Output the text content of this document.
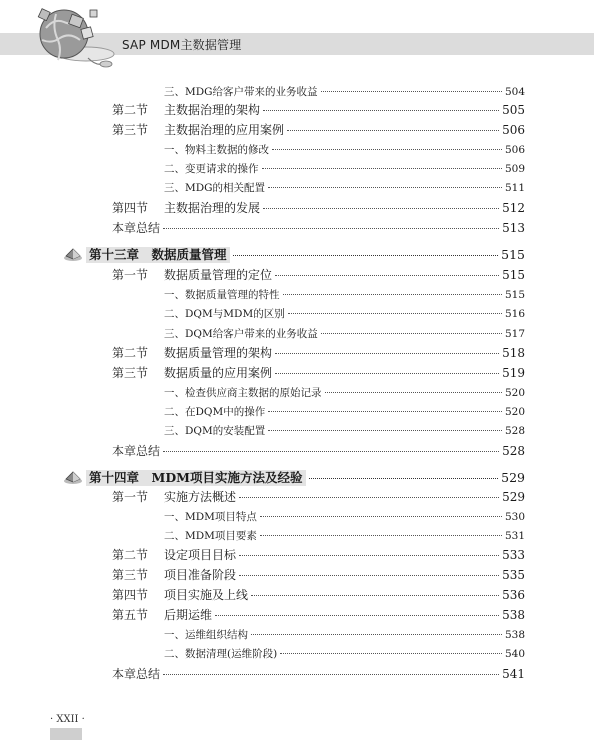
SAP MDM主数据管理
三、MDG给客户带来的业务收益	504
第二节	主数据治理的架构	505
第三节	主数据治理的应用案例	506
一、物料主数据的修改	506
二、变更请求的操作	509
三、MDG的相关配置	511
第四节	主数据治理的发展	512
本章总结	513
第十三章　数据质量管理	515
第一节	数据质量管理的定位	515
一、数据质量管理的特性	515
二、DQM与MDM的区别	516
三、DQM给客户带来的业务收益	517
第二节	数据质量管理的架构	518
第三节	数据质量的应用案例	519
一、检查供应商主数据的原始记录	520
二、在DQM中的操作	520
三、DQM的安装配置	528
本章总结	528
第十四章　MDM项目实施方法及经验	529
第一节	实施方法概述	529
一、MDM项目特点	530
二、MDM项目要素	531
第二节	设定项目目标	533
第三节	项目准备阶段	535
第四节	项目实施及上线	536
第五节	后期运维	538
一、运维组织结构	538
二、数据清理(运维阶段)	540
本章总结	541
· XXII ·
